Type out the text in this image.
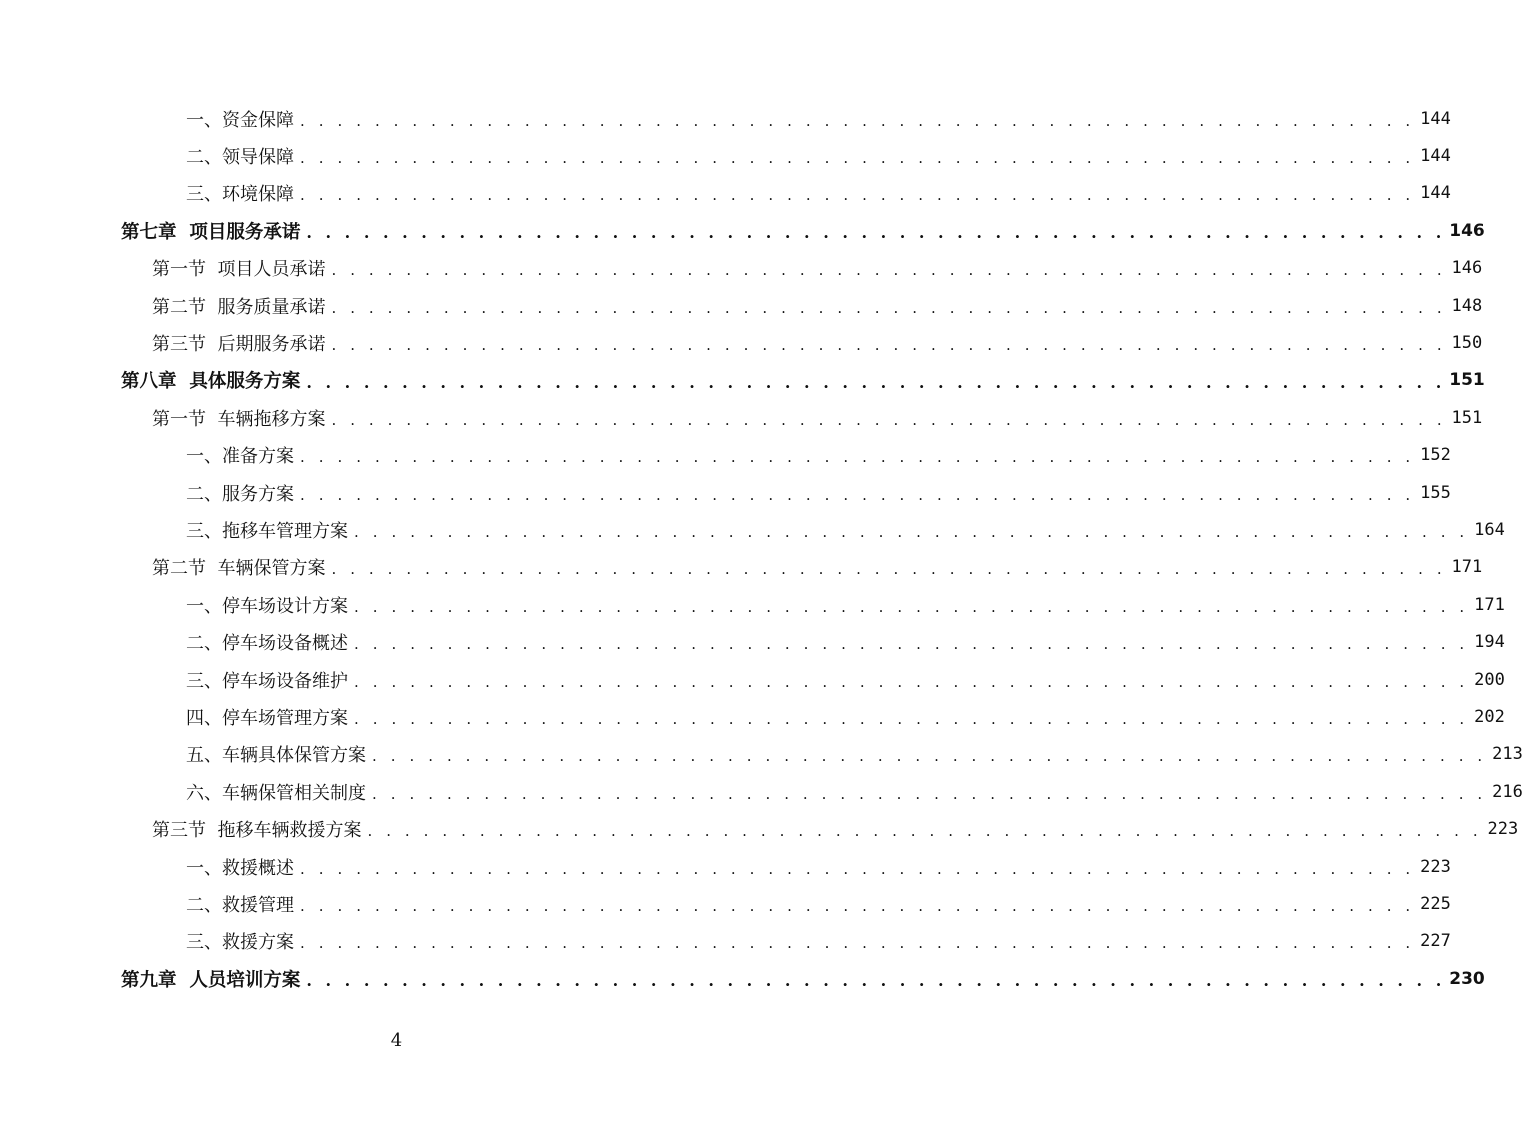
一、资金保障 . . . . . . . . . . . . . . . . . . . . . . . . . . . . . . . . . . . . . . . . . . . . . . . . . . . . . . . . . . . . 144
二、领导保障 . . . . . . . . . . . . . . . . . . . . . . . . . . . . . . . . . . . . . . . . . . . . . . . . . . . . . . . . . . . . 144
三、环境保障 . . . . . . . . . . . . . . . . . . . . . . . . . . . . . . . . . . . . . . . . . . . . . . . . . . . . . . . . . . . . 144
第七章  项目服务承诺 . . . . . . . . . . . . . . . . . . . . . . . . . . . . . . . . . . . . . . . . . . . . . . . . . . . . . . . . . . . . 146
第一节  项目人员承诺 . . . . . . . . . . . . . . . . . . . . . . . . . . . . . . . . . . . . . . . . . . . . . . . . . . . . . . . . . . . . 146
第二节  服务质量承诺 . . . . . . . . . . . . . . . . . . . . . . . . . . . . . . . . . . . . . . . . . . . . . . . . . . . . . . . . . . . . 148
第三节  后期服务承诺 . . . . . . . . . . . . . . . . . . . . . . . . . . . . . . . . . . . . . . . . . . . . . . . . . . . . . . . . . . . . 150
第八章  具体服务方案 . . . . . . . . . . . . . . . . . . . . . . . . . . . . . . . . . . . . . . . . . . . . . . . . . . . . . . . . . . . . 151
第一节  车辆拖移方案 . . . . . . . . . . . . . . . . . . . . . . . . . . . . . . . . . . . . . . . . . . . . . . . . . . . . . . . . . . . . 151
一、准备方案 . . . . . . . . . . . . . . . . . . . . . . . . . . . . . . . . . . . . . . . . . . . . . . . . . . . . . . . . . . . . 152
二、服务方案 . . . . . . . . . . . . . . . . . . . . . . . . . . . . . . . . . . . . . . . . . . . . . . . . . . . . . . . . . . . . 155
三、拖移车管理方案 . . . . . . . . . . . . . . . . . . . . . . . . . . . . . . . . . . . . . . . . . . . . . . . . . . . . . . . . . . . . 164
第二节  车辆保管方案 . . . . . . . . . . . . . . . . . . . . . . . . . . . . . . . . . . . . . . . . . . . . . . . . . . . . . . . . . . . . 171
一、停车场设计方案 . . . . . . . . . . . . . . . . . . . . . . . . . . . . . . . . . . . . . . . . . . . . . . . . . . . . . . . . . . . . 171
二、停车场设备概述 . . . . . . . . . . . . . . . . . . . . . . . . . . . . . . . . . . . . . . . . . . . . . . . . . . . . . . . . . . . . 194
三、停车场设备维护 . . . . . . . . . . . . . . . . . . . . . . . . . . . . . . . . . . . . . . . . . . . . . . . . . . . . . . . . . . . . 200
四、停车场管理方案 . . . . . . . . . . . . . . . . . . . . . . . . . . . . . . . . . . . . . . . . . . . . . . . . . . . . . . . . . . . . 202
五、车辆具体保管方案 . . . . . . . . . . . . . . . . . . . . . . . . . . . . . . . . . . . . . . . . . . . . . . . . . . . . . . . . . . . . 213
六、车辆保管相关制度 . . . . . . . . . . . . . . . . . . . . . . . . . . . . . . . . . . . . . . . . . . . . . . . . . . . . . . . . . . . . 216
第三节  拖移车辆救援方案 . . . . . . . . . . . . . . . . . . . . . . . . . . . . . . . . . . . . . . . . . . . . . . . . . . . . . . . . . . . . 223
一、救援概述 . . . . . . . . . . . . . . . . . . . . . . . . . . . . . . . . . . . . . . . . . . . . . . . . . . . . . . . . . . . . 223
二、救援管理 . . . . . . . . . . . . . . . . . . . . . . . . . . . . . . . . . . . . . . . . . . . . . . . . . . . . . . . . . . . . 225
三、救援方案 . . . . . . . . . . . . . . . . . . . . . . . . . . . . . . . . . . . . . . . . . . . . . . . . . . . . . . . . . . . . 227
第九章  人员培训方案 . . . . . . . . . . . . . . . . . . . . . . . . . . . . . . . . . . . . . . . . . . . . . . . . . . . . . . . . . . . . 230
4
